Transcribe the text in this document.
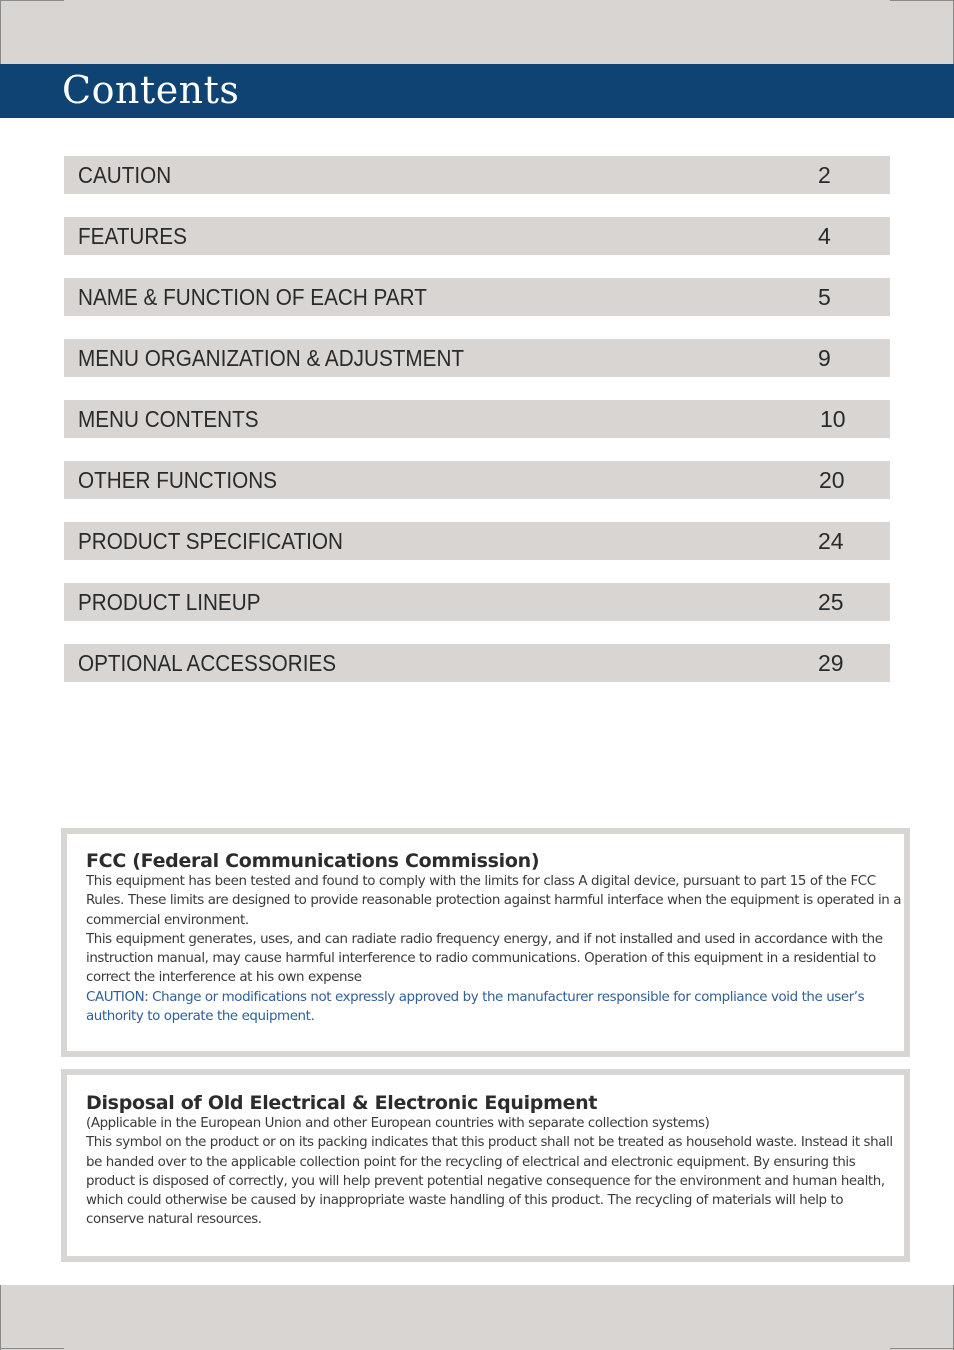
Contents
CAUTION	2
FEATURES	4
NAME & FUNCTION OF EACH PART	5
MENU ORGANIZATION & ADJUSTMENT	9
MENU CONTENTS	10
OTHER FUNCTIONS	20
PRODUCT SPECIFICATION	24
PRODUCT LINEUP	25
OPTIONAL ACCESSORIES	29
FCC (Federal Communications Commission)

This equipment has been tested and found to comply with the limits for class A digital device, pursuant to part 15 of the FCC Rules. These limits are designed to provide reasonable protection against harmful interface when the equipment is operated in a commercial environment.

This equipment generates, uses, and can radiate radio frequency energy, and if not installed and used in accordance with the instruction manual, may cause harmful interference to radio communications. Operation of this equipment in a residential to correct the interference at his own expense

CAUTION: Change or modifications not expressly approved by the manufacturer responsible for compliance void the user’s authority to operate the equipment.

Disposal of Old Electrical & Electronic Equipment

(Applicable in the European Union and other European countries with separate collection systems)

This symbol on the product or on its packing indicates that this product shall not be treated as household waste. Instead it shall be handed over to the applicable collection point for the recycling of electrical and electronic equipment. By ensuring this product is disposed of correctly, you will help prevent potential negative consequence for the environment and human health, which could otherwise be caused by inappropriate waste handling of this product. The recycling of materials will help to conserve natural resources.
